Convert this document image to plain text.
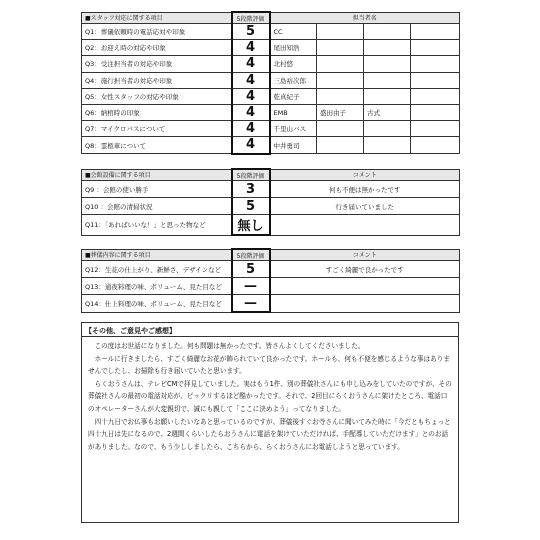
■スタッフ対応に関する項目	5段階評価	担当者名			
Q1：葬儀依頼時の電話応対や印象	5	CC			
Q2：お迎え時の対応や印象	4	尾田知浩			
Q3：受注担当者の対応や印象	4	北村悠			
Q4：施行担当者の対応や印象	4	三島裕次郎			
Q5：女性スタッフの対応や印象	4	乾真紀子			
Q6：納棺時の印象	4	EMB	盛田由子	古式	
Q7：マイクロバスについて	4	千里山バス			
Q8：霊柩車について	4	中井勇司			
■会館設備に関する項目	5段階評価	コメント
Q9 ：会館の使い勝手	3	何も不便は無かったです
Q10 ：会館の清掃状況	5	行き届いていました
Q11：「あればいいな！」と思った物など	無し	
■葬儀内容に関する項目	5段階評価	コメント
Q12：生花の仕上がり、新鮮さ、デザインなど	5	すごく綺麗で良かったです
Q13：通夜料理の味、ボリューム、見た目など	—	
Q14：仕上料理の味、ボリューム、見た目など	—	
【その他、ご意見やご感想】
　この度はお世話になりました。何も問題は無かったです。皆さんよくしてくださいました。
　ホールに行きましたら、すごく綺麗なお花が飾られていて良かったです。ホールも、何も不便を感じるような事はありませんでしたし、お掃除も行き届いていたと思います。
　らくおうさんは、テレビCMで拝見していました。実はもう1件、別の葬儀社さんにも申し込みをしていたのですが、その葬儀社さんの最初の電話対応が、ピックリするほど酷かったです。それで、2回目にらくおうさんに架けたところ、電話口のオペレーターさんが大変親切で、誠にも親して「ここに決めよう」ってなりました。
　四十九日でお仏事もお願いしたいなあと思っているのですが、葬儀後すぐお寺さんに聞いてみた時に「今だともちょっと四十九日は先になるので、2週間くらいしたらおうさんに電話を架けていただければ、手配導していただけます」とのお話がありました。なので、もう少ししましたら、こちらから、らくおうさんにお電話しようと思っています。
